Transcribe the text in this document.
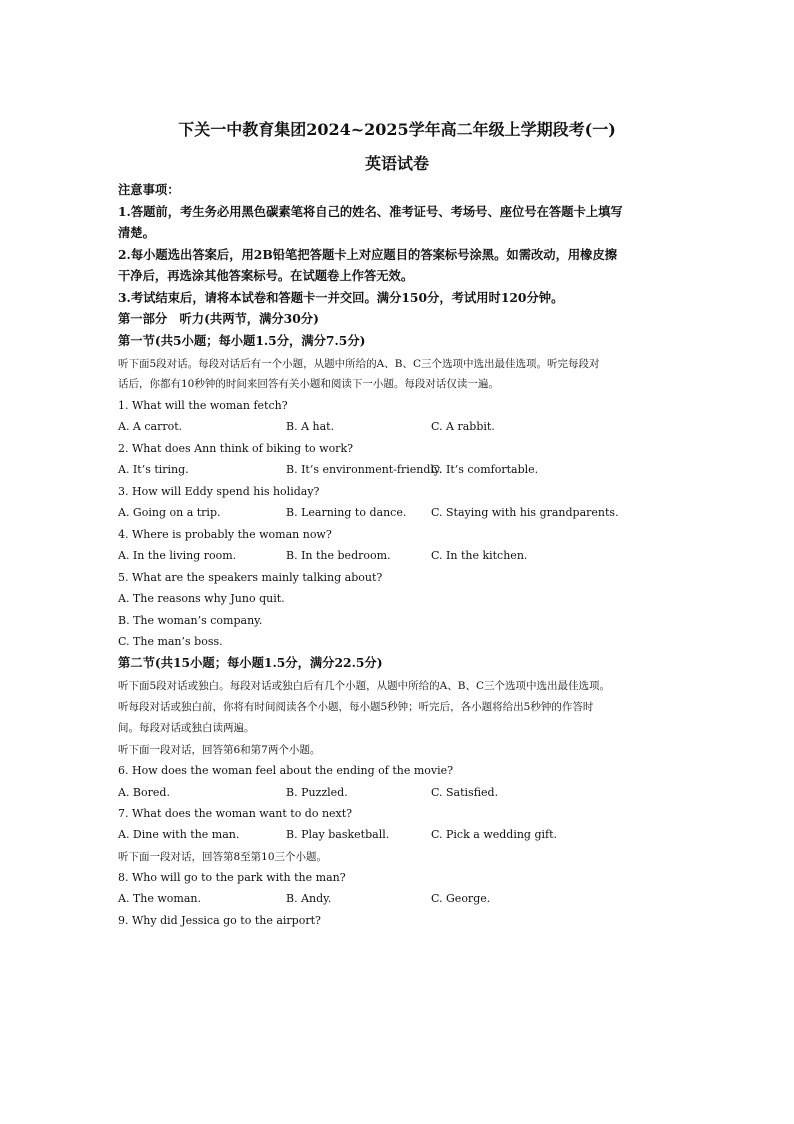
下关一中教育集团2024~2025学年高二年级上学期段考(一)
英语试卷
注意事项：
1.答题前，考生务必用黑色碳素笔将自己的姓名、准考证号、考场号、座位号在答题卡上填写
清楚。
2.每小题选出答案后，用2B铅笔把答题卡上对应题目的答案标号涂黑。如需改动，用橡皮擦
干净后，再选涂其他答案标号。在试题卷上作答无效。
3.考试结束后，请将本试卷和答题卡一并交回。满分150分，考试用时120分钟。
第一部分　听力(共两节，满分30分)
第一节(共5小题；每小题1.5分，满分7.5分)
听下面5段对话。每段对话后有一个小题，从题中所给的A、B、C三个选项中选出最佳选项。听完每段对
话后，你都有10秒钟的时间来回答有关小题和阅读下一小题。每段对话仅读一遍。
1. What will the woman fetch?
A. A carrot.	B. A hat.	C. A rabbit.
2. What does Ann think of biking to work?
A. It’s tiring.	B. It’s environment-friendly.
C. It’s comfortable.
3. How will Eddy spend his holiday?
A. Going on a trip.	B. Learning to dance. C. Staying with his grandparents.
4. Where is probably the woman now?
A. In the living room.	B. In the bedroom.	C. In the kitchen.
5. What are the speakers mainly talking about?
A. The reasons why Juno quit.
B. The woman’s company.
C. The man’s boss.
第二节(共15小题；每小题1.5分，满分22.5分)
听下面5段对话或独白。每段对话或独白后有几个小题，从题中所给的A、B、C三个选项中选出最佳选项。
听每段对话或独白前，你将有时间阅读各个小题，每小题5秒钟；听完后，各小题将给出5秒钟的作答时
间。每段对话或独白读两遍。
听下面一段对话，回答第6和第7两个小题。
6. How does the woman feel about the ending of the movie?
A. Bored.	B. Puzzled.	C. Satisfied.
7. What does the woman want to do next?
A. Dine with the man.	B. Play basketball.	C. Pick a wedding gift.
听下面一段对话，回答第8至第10三个小题。
8. Who will go to the park with the man?
A. The woman.	B. Andy.	C. George.
9. Why did Jessica go to the airport?
